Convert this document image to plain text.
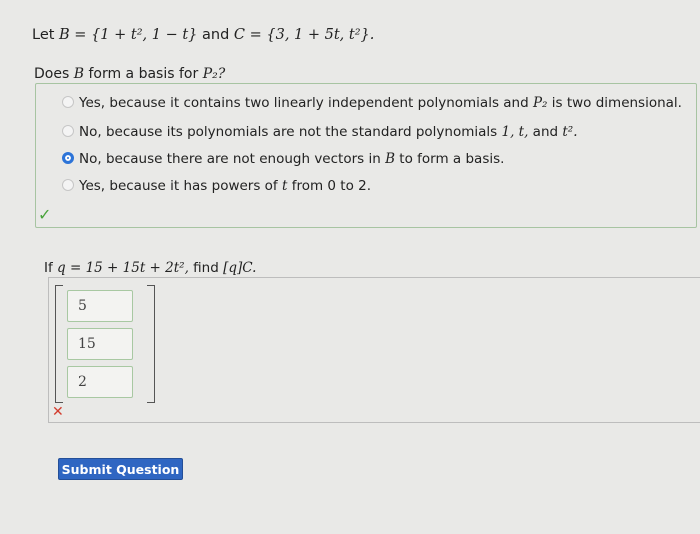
Let B = {1 + t², 1 − t} and C = {3, 1 + 5t, t²}.
Does B form a basis for P₂?
Yes, because it contains two linearly independent polynomials and P₂ is two dimensional.
No, because its polynomials are not the standard polynomials 1, t, and t².
No, because there are not enough vectors in B to form a basis.
Yes, because it has powers of t from 0 to 2.
✓
If q = 15 + 15t + 2t², find [q]C.
5
15
2
✕
Submit Question
